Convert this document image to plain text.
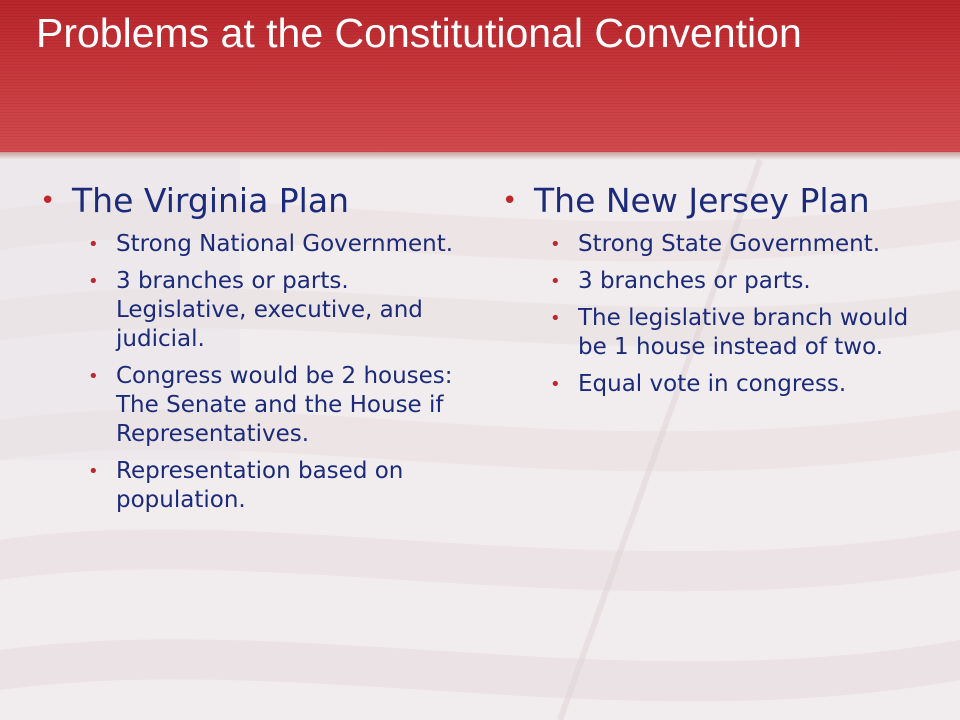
Problems at the Constitutional Convention
• The Virginia Plan
• Strong National Government.
• 3 branches or parts. Legislative, executive, and judicial.
• Congress would be 2 houses: The Senate and the House if Representatives.
• Representation based on population.
• The New Jersey Plan
• Strong State Government.
• 3 branches or parts.
• The legislative branch would be 1 house instead of two.
• Equal vote in congress.
